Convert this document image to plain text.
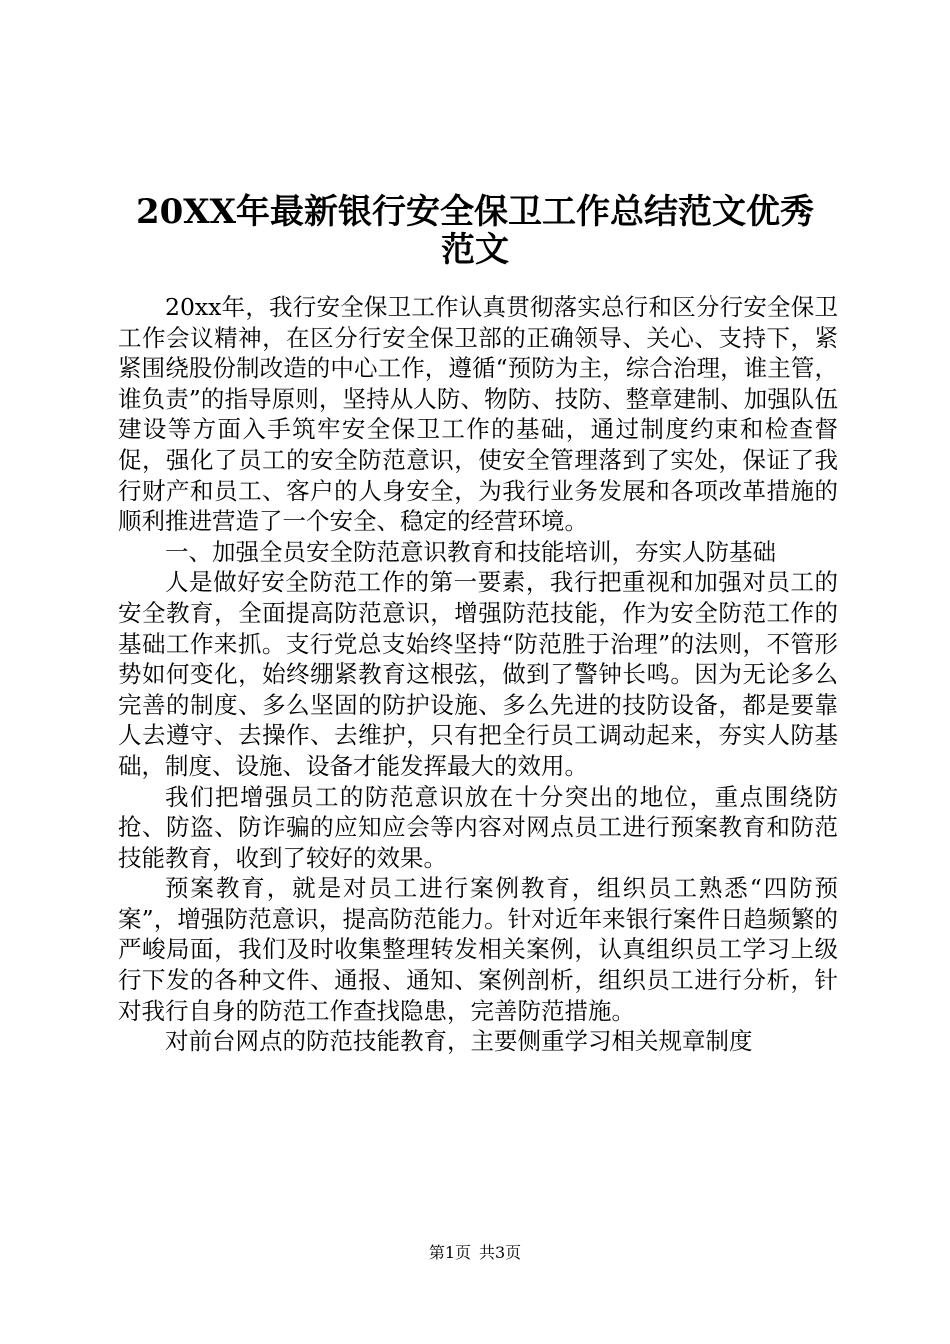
20XX年最新银行安全保卫工作总结范文优秀
范文

20xx年，我行安全保卫工作认真贯彻落实总行和区分行安全保卫工作会议精神，在区分行安全保卫部的正确领导、关心、支持下，紧紧围绕股份制改造的中心工作，遵循“预防为主，综合治理，谁主管，谁负责”的指导原则，坚持从人防、物防、技防、整章建制、加强队伍建设等方面入手筑牢安全保卫工作的基础，通过制度约束和检查督促，强化了员工的安全防范意识，使安全管理落到了实处，保证了我行财产和员工、客户的人身安全，为我行业务发展和各项改革措施的顺利推进营造了一个安全、稳定的经营环境。

一、加强全员安全防范意识教育和技能培训，夯实人防基础

人是做好安全防范工作的第一要素，我行把重视和加强对员工的安全教育，全面提高防范意识，增强防范技能，作为安全防范工作的基础工作来抓。支行党总支始终坚持“防范胜于治理”的法则，不管形势如何变化，始终绷紧教育这根弦，做到了警钟长鸣。因为无论多么完善的制度、多么坚固的防护设施、多么先进的技防设备，都是要靠人去遵守、去操作、去维护，只有把全行员工调动起来，夯实人防基础，制度、设施、设备才能发挥最大的效用。

我们把增强员工的防范意识放在十分突出的地位，重点围绕防抢、防盗、防诈骗的应知应会等内容对网点员工进行预案教育和防范技能教育，收到了较好的效果。

预案教育，就是对员工进行案例教育，组织员工熟悉“四防预案”，增强防范意识，提高防范能力。针对近年来银行案件日趋频繁的严峻局面，我们及时收集整理转发相关案例，认真组织员工学习上级行下发的各种文件、通报、通知、案例剖析，组织员工进行分析，针对我行自身的防范工作查找隐患，完善防范措施。

对前台网点的防范技能教育，主要侧重学习相关规章制度

第1页 共3页
